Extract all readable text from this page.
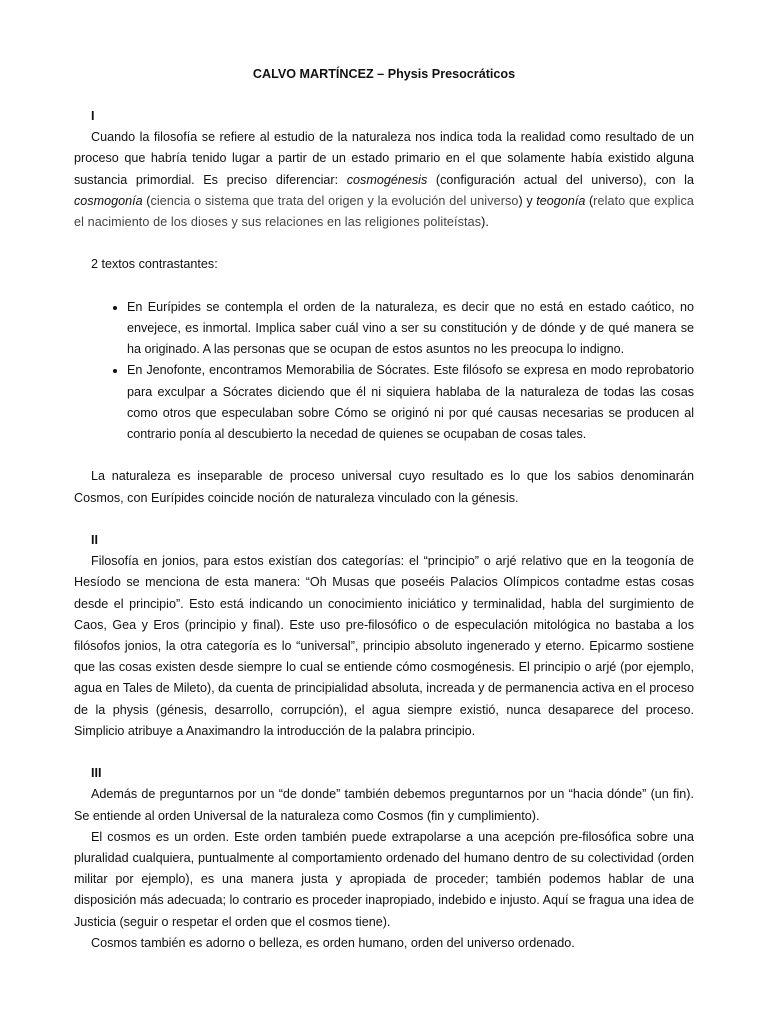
CALVO MARTÍNCEZ – Physis Presocráticos
I

Cuando la filosofía se refiere al estudio de la naturaleza nos indica toda la realidad como resultado de un proceso que habría tenido lugar a partir de un estado primario en el que solamente había existido alguna sustancia primordial. Es preciso diferenciar: cosmogénesis (configuración actual del universo), con la cosmogonía (ciencia o sistema que trata del origen y la evolución del universo) y teogonía (relato que explica el nacimiento de los dioses y sus relaciones en las religiones politeístas).

2 textos contrastantes:

• En Eurípides se contempla el orden de la naturaleza, es decir que no está en estado caótico, no envejece, es inmortal. Implica saber cuál vino a ser su constitución y de dónde y de qué manera se ha originado. A las personas que se ocupan de estos asuntos no les preocupa lo indigno.
• En Jenofonte, encontramos Memorabilia de Sócrates. Este filósofo se expresa en modo reprobatorio para exculpar a Sócrates diciendo que él ni siquiera hablaba de la naturaleza de todas las cosas como otros que especulaban sobre Cómo se originó ni por qué causas necesarias se producen al contrario ponía al descubierto la necedad de quienes se ocupaban de cosas tales.

La naturaleza es inseparable de proceso universal cuyo resultado es lo que los sabios denominarán Cosmos, con Eurípides coincide noción de naturaleza vinculado con la génesis.

II

Filosofía en jonios, para estos existían dos categorías: el “principio” o arjé relativo que en la teogonía de Hesíodo se menciona de esta manera: “Oh Musas que poseéis Palacios Olímpicos contadme estas cosas desde el principio”. Esto está indicando un conocimiento iniciático y terminalidad, habla del surgimiento de Caos, Gea y Eros (principio y final). Este uso pre-filosófico o de especulación mitológica no bastaba a los filósofos jonios, la otra categoría es lo “universal”, principio absoluto ingenerado y eterno. Epicarmo sostiene que las cosas existen desde siempre lo cual se entiende cómo cosmogénesis. El principio o arjé (por ejemplo, agua en Tales de Mileto), da cuenta de principialidad absoluta, increada y de permanencia activa en el proceso de la physis (génesis, desarrollo, corrupción), el agua siempre existió, nunca desaparece del proceso. Simplicio atribuye a Anaximandro la introducción de la palabra principio.

III

Además de preguntarnos por un “de donde” también debemos preguntarnos por un “hacia dónde” (un fin). Se entiende al orden Universal de la naturaleza como Cosmos (fin y cumplimiento).

El cosmos es un orden. Este orden también puede extrapolarse a una acepción pre-filosófica sobre una pluralidad cualquiera, puntualmente al comportamiento ordenado del humano dentro de su colectividad (orden militar por ejemplo), es una manera justa y apropiada de proceder; también podemos hablar de una disposición más adecuada; lo contrario es proceder inapropiado, indebido e injusto. Aquí se fragua una idea de Justicia (seguir o respetar el orden que el cosmos tiene).

Cosmos también es adorno o belleza, es orden humano, orden del universo ordenado.
